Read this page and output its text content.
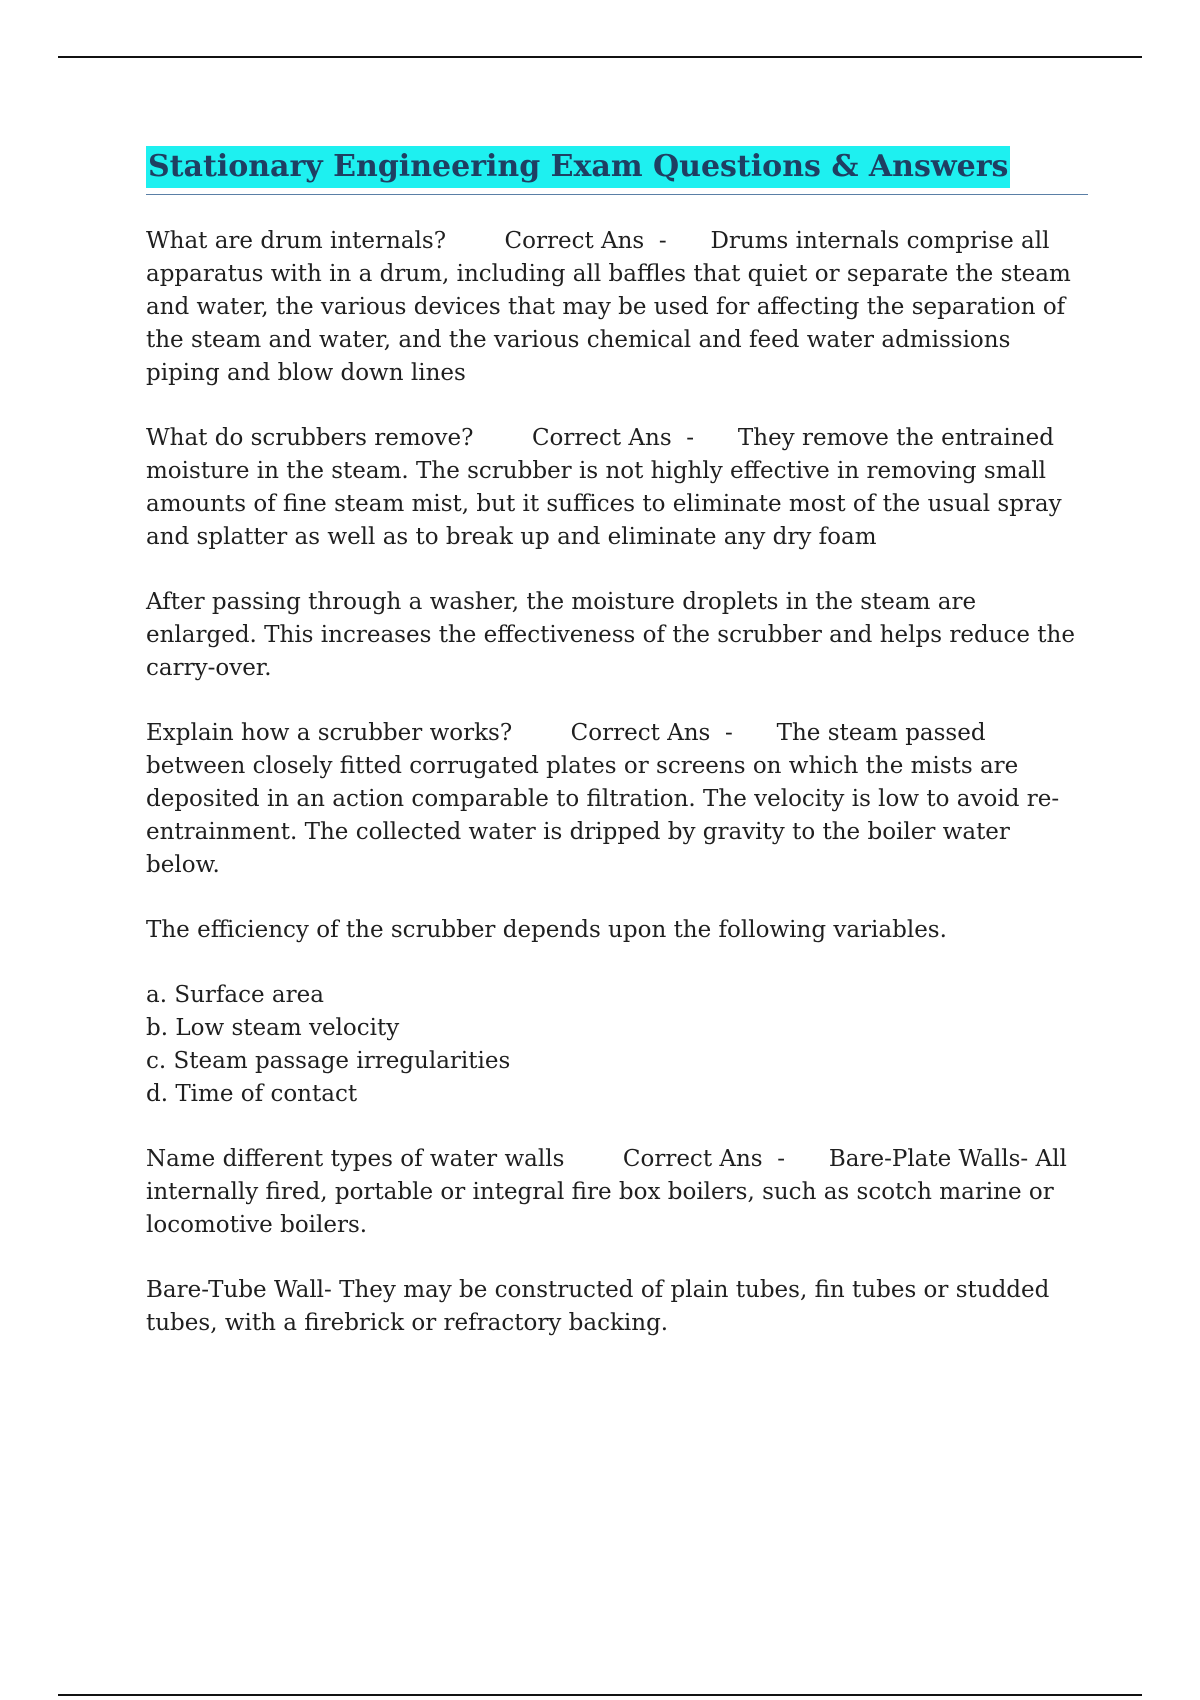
Stationary Engineering Exam Questions & Answers

What are drum internals?        Correct Ans  -      Drums internals comprise all apparatus with in a drum, including all baffles that quiet or separate the steam and water, the various devices that may be used for affecting the separation of the steam and water, and the various chemical and feed water admissions piping and blow down lines

What do scrubbers remove?        Correct Ans  -      They remove the entrained moisture in the steam. The scrubber is not highly effective in removing small amounts of fine steam mist, but it suffices to eliminate most of the usual spray and splatter as well as to break up and eliminate any dry foam

After passing through a washer, the moisture droplets in the steam are enlarged. This increases the effectiveness of the scrubber and helps reduce the carry-over.

Explain how a scrubber works?        Correct Ans  -      The steam passed between closely fitted corrugated plates or screens on which the mists are deposited in an action comparable to filtration. The velocity is low to avoid re-entrainment. The collected water is dripped by gravity to the boiler water below.

The efficiency of the scrubber depends upon the following variables.

a. Surface area
b. Low steam velocity
c. Steam passage irregularities
d. Time of contact

Name different types of water walls        Correct Ans  -      Bare-Plate Walls- All internally fired, portable or integral fire box boilers, such as scotch marine or locomotive boilers.

Bare-Tube Wall- They may be constructed of plain tubes, fin tubes or studded tubes, with a firebrick or refractory backing.
